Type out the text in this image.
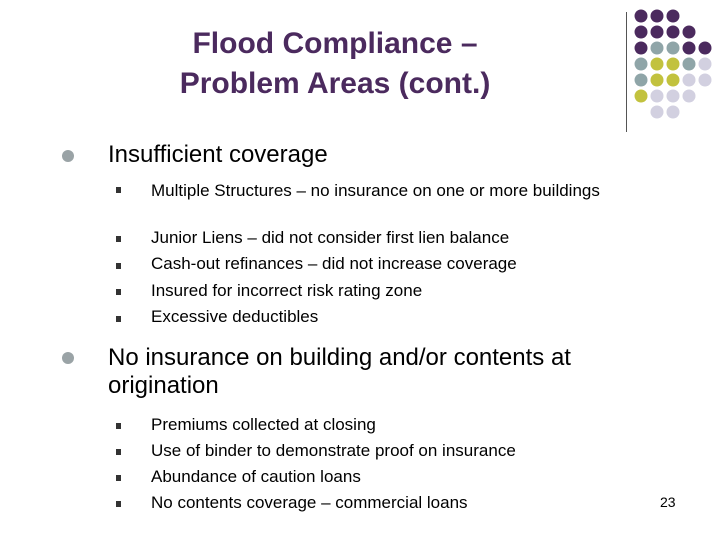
Flood Compliance –
Problem Areas (cont.)
Insufficient coverage
Multiple Structures – no insurance on one or more buildings
Junior Liens – did not consider first lien balance
Cash-out refinances – did not increase coverage
Insured for incorrect risk rating zone
Excessive deductibles
No insurance on building and/or contents at
origination
Premiums collected at closing
Use of binder to demonstrate proof on insurance
Abundance of caution loans
No contents coverage – commercial loans	23
